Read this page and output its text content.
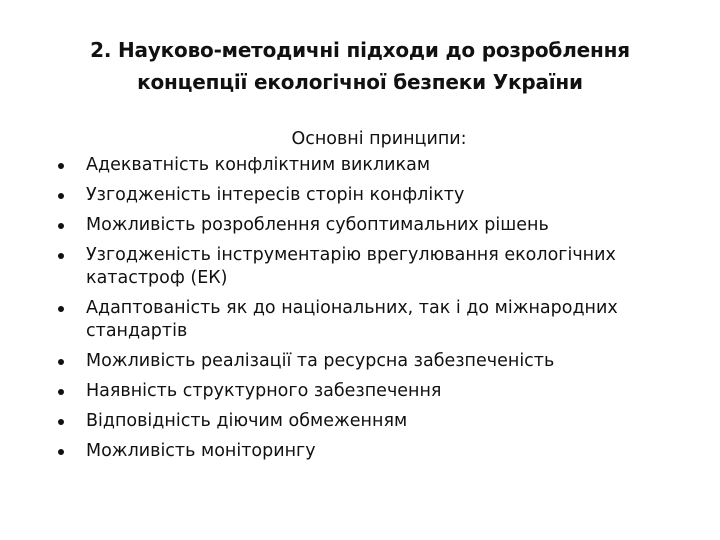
2. Науково-методичні підходи до розроблення
концепції екологічної безпеки України
Основні принципи:
Адекватність конфліктним викликам
Узгодженість інтересів сторін конфлікту
Можливість розроблення субоптимальних рішень
Узгодженість інструментарію врегулювання екологічних катастроф (ЕК)
Адаптованість як до національних, так і до міжнародних стандартів
Можливість реалізації та ресурсна забезпеченість
Наявність структурного забезпечення
Відповідність діючим обмеженням
Можливість моніторингу
